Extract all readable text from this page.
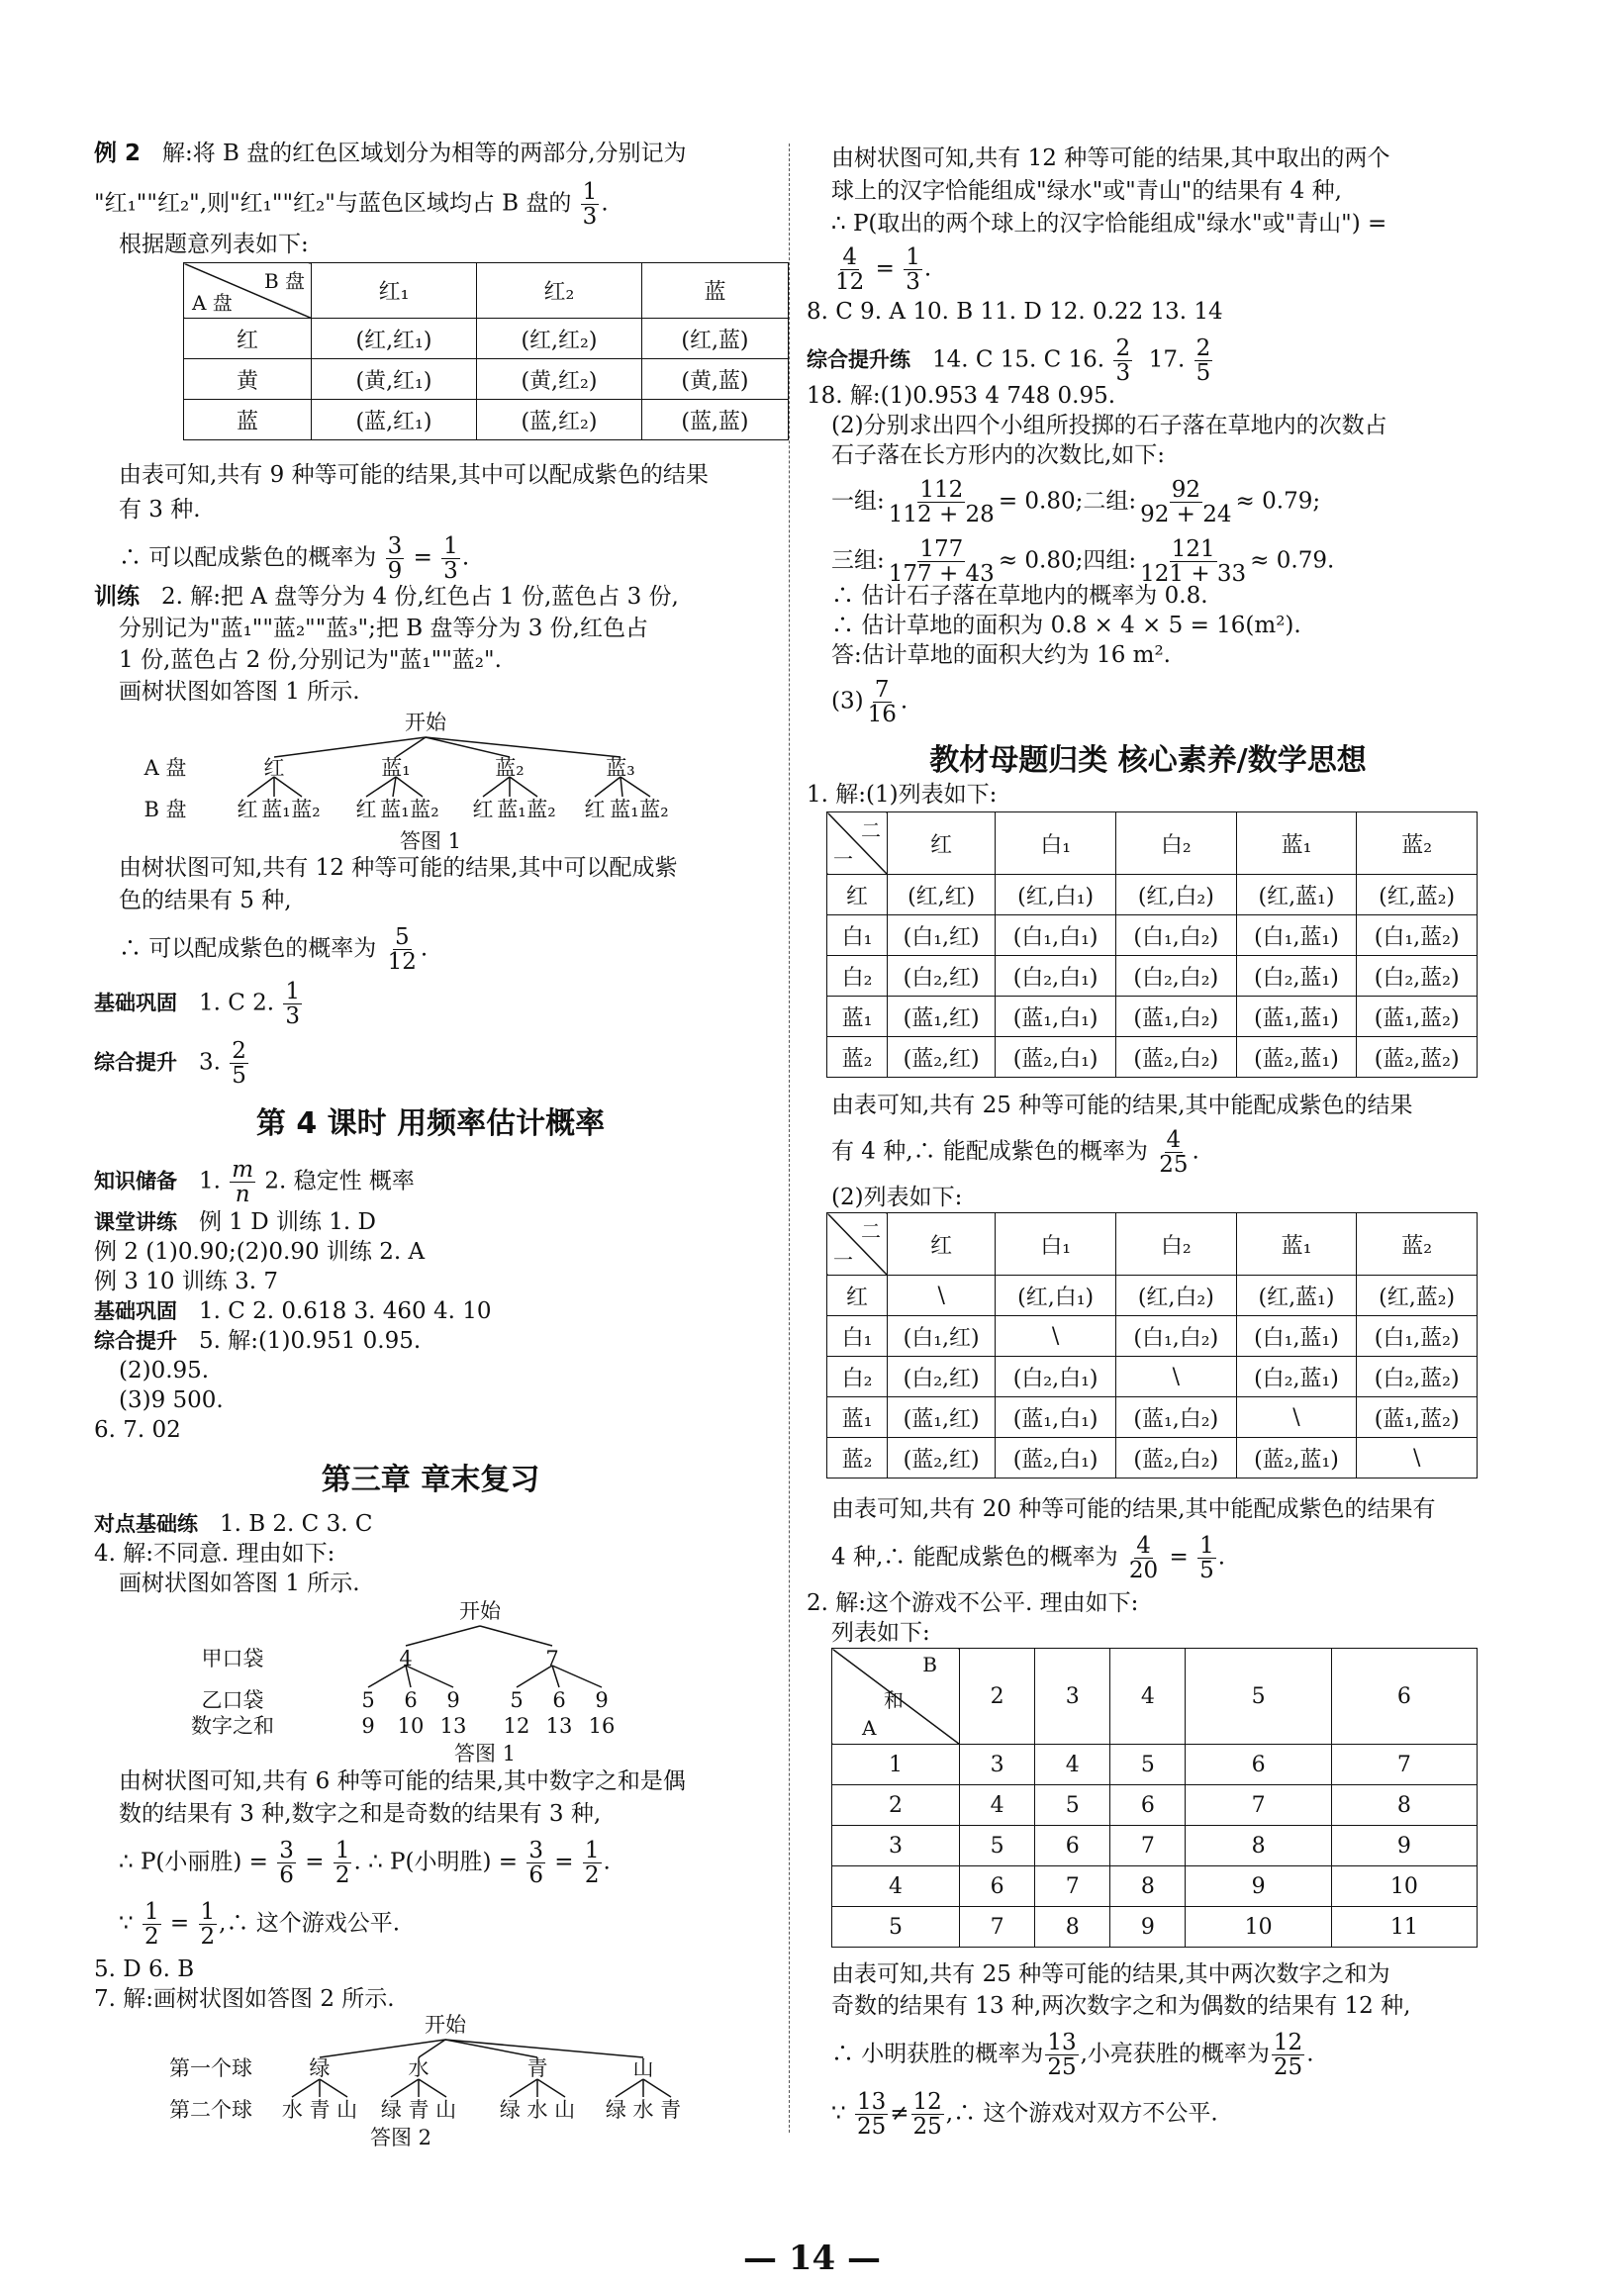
例 2 解:将 B 盘的红色区域划分为相等的两部分,分别记为
"红₁""红₂",则"红₁""红₂"与蓝色区域均占 B 盘的 $\frac{1}{3}$ .
根据题意列表如下:
B 盘
A 盘	红₁	红₂	蓝
红	(红,红₁)	(红,红₂)	(红,蓝)
黄	(黄,红₁)	(黄,红₂)	(黄,蓝)
蓝	(蓝,红₁)	(蓝,红₂)	(蓝,蓝)
由表可知,共有 9 种等可能的结果,其中可以配成紫色的结果
有 3 种.
∴ 可以配成紫色的概率为 $\frac{3}{9} = \frac{1}{3}$ .
训练 2. 解:把 A 盘等分为 4 份,红色占 1 份,蓝色占 3 份,
分别记为"蓝₁""蓝₂""蓝₃";把 B 盘等分为 3 份,红色占
1 份,蓝色占 2 份,分别记为"蓝₁""蓝₂".
画树状图如答图 1 所示.
开始
A 盘
B 盘
红	蓝₁	蓝₂	蓝₃
红 蓝₁ 蓝₂ 红 蓝₁ 蓝₂ 红 蓝₁ 蓝₂ 红 蓝₁ 蓝₂
答图 1
由树状图可知,共有 12 种等可能的结果,其中可以配成紫
色的结果有 5 种,
∴ 可以配成紫色的概率为 $\frac{5}{12}$ .
基础巩固 1. C 2. $\frac{1}{3}$
综合提升 3. $\frac{2}{5}$
第 4 课时 用频率估计概率
知识储备 1. $\frac{m}{n} 2$. 稳定性 概率
课堂讲练 例 1 D 训练 1. D
例 2 (1)0.90;(2)0.90 训练 2. A
例 3 10 训练 3. 7
基础巩固 1. C 2. 0.618 3. 460 4. 10
综合提升 5. 解:(1)0.951 0.95.
(2)0.95.
(3)9 500.
6. 7. 02
第三章 章末复习
对点基础练 1. B 2. C 3. C
4. 解:不同意. 理由如下:
画树状图如答图 1 所示.
开始
甲口袋
乙口袋
数字之和
4	7
5 6 9 5 6 9
9 10 13 12 13 16
答图 1
由树状图可知,共有 6 种等可能的结果,其中数字之和是偶
数的结果有 3 种,数字之和是奇数的结果有 3 种,
∴ P(小丽胜) = $\frac{3}{6} = \frac{1}{2}$ . ∴ P(小明胜) = $\frac{3}{6} = \frac{1}{2}$ .
∵ $\frac{1}{2} = \frac{1}{2}$ ,∴ 这个游戏公平.
5. D 6. B
7. 解:画树状图如答图 2 所示.
开始
第一个球
第二个球
绿	水	青	山
水 青 山 绿 青 山 绿 水 山 绿 水 青
答图 2
由树状图可知,共有 12 种等可能的结果,其中取出的两个
球上的汉字恰能组成"绿水"或"青山"的结果有 4 种,
∴ P(取出的两个球上的汉字恰能组成"绿水"或"青山") =
$\frac{4}{12} = \frac{1}{3}$ .
8. C 9. A 10. B 11. D 12. 0.22 13. 14
综合提升练 14. C 15. C 16. $\frac{2}{3} 17$. $\frac{2}{5}$
18. 解:(1)0.953 4 748 0.95.
(2)分别求出四个小组所投掷的石子落在草地内的次数占
石子落在长方形内的次数比,如下:
一组: $\frac{112}{112 + 28} = 0.80$;二组: $\frac{92}{92 + 24} \approx 0.79$;
三组: $\frac{177}{177 + 43} \approx 0.80$;四组: $\frac{121}{121 + 33} \approx 0.79$.
∴ 估计石子落在草地内的概率为 0.8.
∴ 估计草地的面积为 0.8 × 4 × 5 = 16(m²).
答:估计草地的面积大约为 16 m².
$(3) \frac{7}{16}$ .
教材母题归类 核心素养/数学思想
1. 解:(1)列表如下:
二
一	红	白₁	白₂	蓝₁	蓝₂
红	(红,红)	(红,白₁)	(红,白₂)	(红,蓝₁)	(红,蓝₂)
白₁	(白₁,红)	(白₁,白₁)	(白₁,白₂)	(白₁,蓝₁)	(白₁,蓝₂)
白₂	(白₂,红)	(白₂,白₁)	(白₂,白₂)	(白₂,蓝₁)	(白₂,蓝₂)
蓝₁	(蓝₁,红)	(蓝₁,白₁)	(蓝₁,白₂)	(蓝₁,蓝₁)	(蓝₁,蓝₂)
蓝₂	(蓝₂,红)	(蓝₂,白₁)	(蓝₂,白₂)	(蓝₂,蓝₁)	(蓝₂,蓝₂)
由表可知,共有 25 种等可能的结果,其中能配成紫色的结果
有 4 种,∴ 能配成紫色的概率为 $\frac{4}{25}$ .
(2)列表如下:
二
一	红	白₁	白₂	蓝₁	蓝₂
红	\	(红,白₁)	(红,白₂)	(红,蓝₁)	(红,蓝₂)
白₁	(白₁,红)	\	(白₁,白₂)	(白₁,蓝₁)	(白₁,蓝₂)
白₂	(白₂,红)	(白₂,白₁)	\	(白₂,蓝₁)	(白₂,蓝₂)
蓝₁	(蓝₁,红)	(蓝₁,白₁)	(蓝₁,白₂)	\	(蓝₁,蓝₂)
蓝₂	(蓝₂,红)	(蓝₂,白₁)	(蓝₂,白₂)	(蓝₂,蓝₁)	\
由表可知,共有 20 种等可能的结果,其中能配成紫色的结果有
4 种,∴ 能配成紫色的概率为 $\frac{4}{20} = \frac{1}{5}$ .
2. 解:这个游戏不公平. 理由如下:
列表如下:
B
和
A	2	3	4	5	6
1	3	4	5	6	7
2	4	5	6	7	8
3	5	6	7	8	9
4	6	7	8	9	10
5	7	8	9	10	11
由表可知,共有 25 种等可能的结果,其中两次数字之和为
奇数的结果有 13 种,两次数字之和为偶数的结果有 12 种,
∴ 小明获胜的概率为 $\frac{13}{25}$ ,小亮获胜的概率为 $\frac{12}{25}$ .
∵ $\frac{13}{25} \ne \frac{12}{25}$ ,∴ 这个游戏对双方不公平.
— 14 —
